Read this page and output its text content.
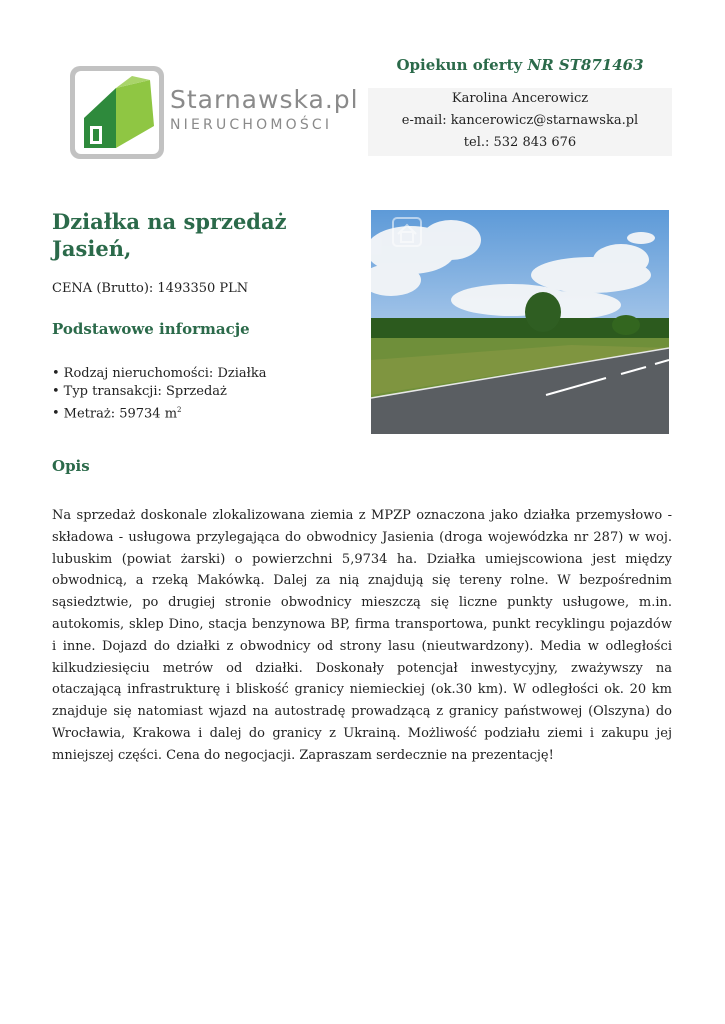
Starnawska.pl
NIERUCHOMOŚCI
Opiekun oferty NR ST871463
Karolina Ancerowicz
e-mail: kancerowicz@starnawska.pl
tel.: 532 843 676
Działka na sprzedaż
Jasień,
CENA (Brutto): 1493350 PLN
Podstawowe informacje
• Rodzaj nieruchomości: Działka
• Typ transakcji: Sprzedaż
• Metraż: 59734 $m^2$
Opis

Na sprzedaż doskonale zlokalizowana ziemia z MPZP oznaczona jako działka przemysłowo - składowa - usługowa przylegająca do obwodnicy Jasienia (droga wojewódzka nr 287) w woj. lubuskim (powiat żarski) o powierzchni 5,9734 ha. Działka umiejscowiona jest między obwodnicą, a rzeką Makówką. Dalej za nią znajdują się tereny rolne. W bezpośrednim sąsiedztwie, po drugiej stronie obwodnicy mieszczą się liczne punkty usługowe, m.in. autokomis, sklep Dino, stacja benzynowa BP, firma transportowa, punkt recyklingu pojazdów i inne. Dojazd do działki z obwodnicy od strony lasu (nieutwardzony). Media w odległości kilkudziesięciu metrów od działki. Doskonały potencjał inwestycyjny, zważywszy na otaczającą infrastrukturę i bliskość granicy niemieckiej (ok.30 km). W odległości ok. 20 km znajduje się natomiast wjazd na autostradę prowadzącą z granicy państwowej (Olszyna) do Wrocławia, Krakowa i dalej do granicy z Ukrainą. Możliwość podziału ziemi i zakupu jej mniejszej części. Cena do negocjacji. Zapraszam serdecznie na prezentację!
